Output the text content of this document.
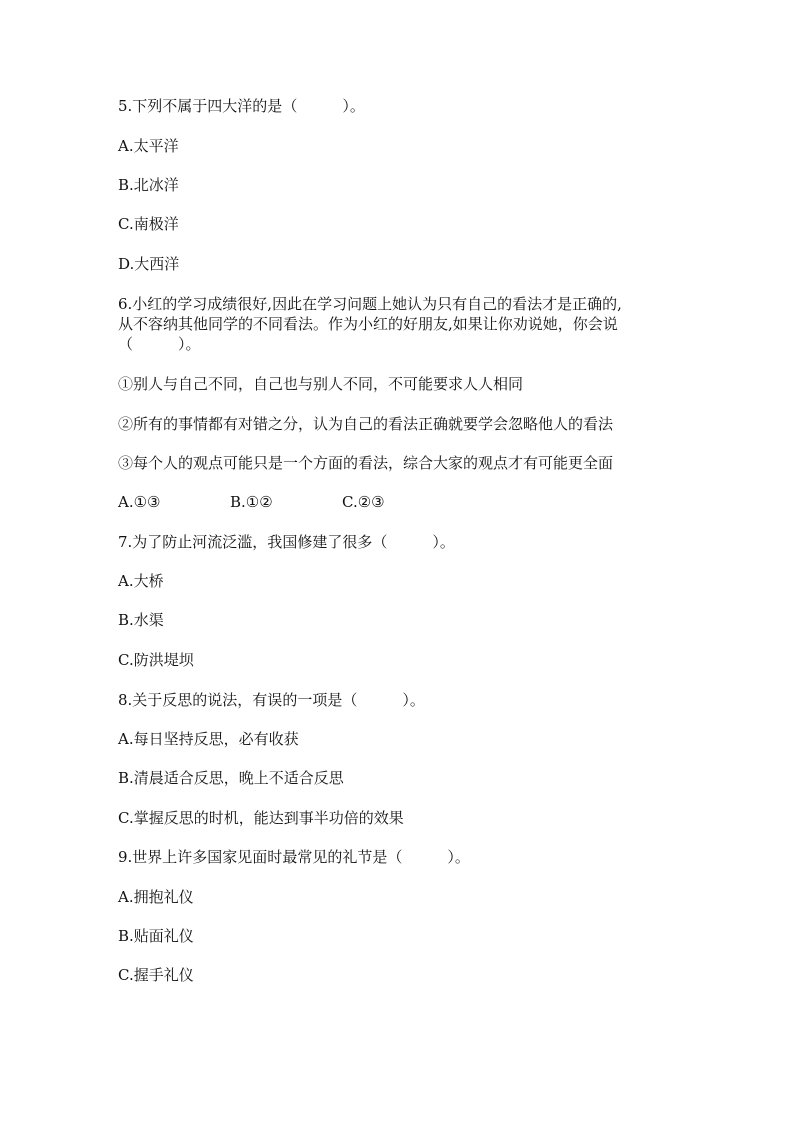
5.下列不属于四大洋的是（　　　）。
A.太平洋
B.北冰洋
C.南极洋
D.大西洋
6.小红的学习成绩很好,因此在学习问题上她认为只有自己的看法才是正确的,
从不容纳其他同学的不同看法。作为小红的好朋友,如果让你劝说她，你会说
（　　　）。
①别人与自己不同，自己也与别人不同，不可能要求人人相同
②所有的事情都有对错之分，认为自己的看法正确就要学会忽略他人的看法
③每个人的观点可能只是一个方面的看法，综合大家的观点才有可能更全面
A.①③	B.①②	C.②③
7.为了防止河流泛滥，我国修建了很多（　　　）。
A.大桥
B.水渠
C.防洪堤坝
8.关于反思的说法，有误的一项是（　　　）。
A.每日坚持反思，必有收获
B.清晨适合反思，晚上不适合反思
C.掌握反思的时机，能达到事半功倍的效果
9.世界上许多国家见面时最常见的礼节是（　　　）。
A.拥抱礼仪
B.贴面礼仪
C.握手礼仪
